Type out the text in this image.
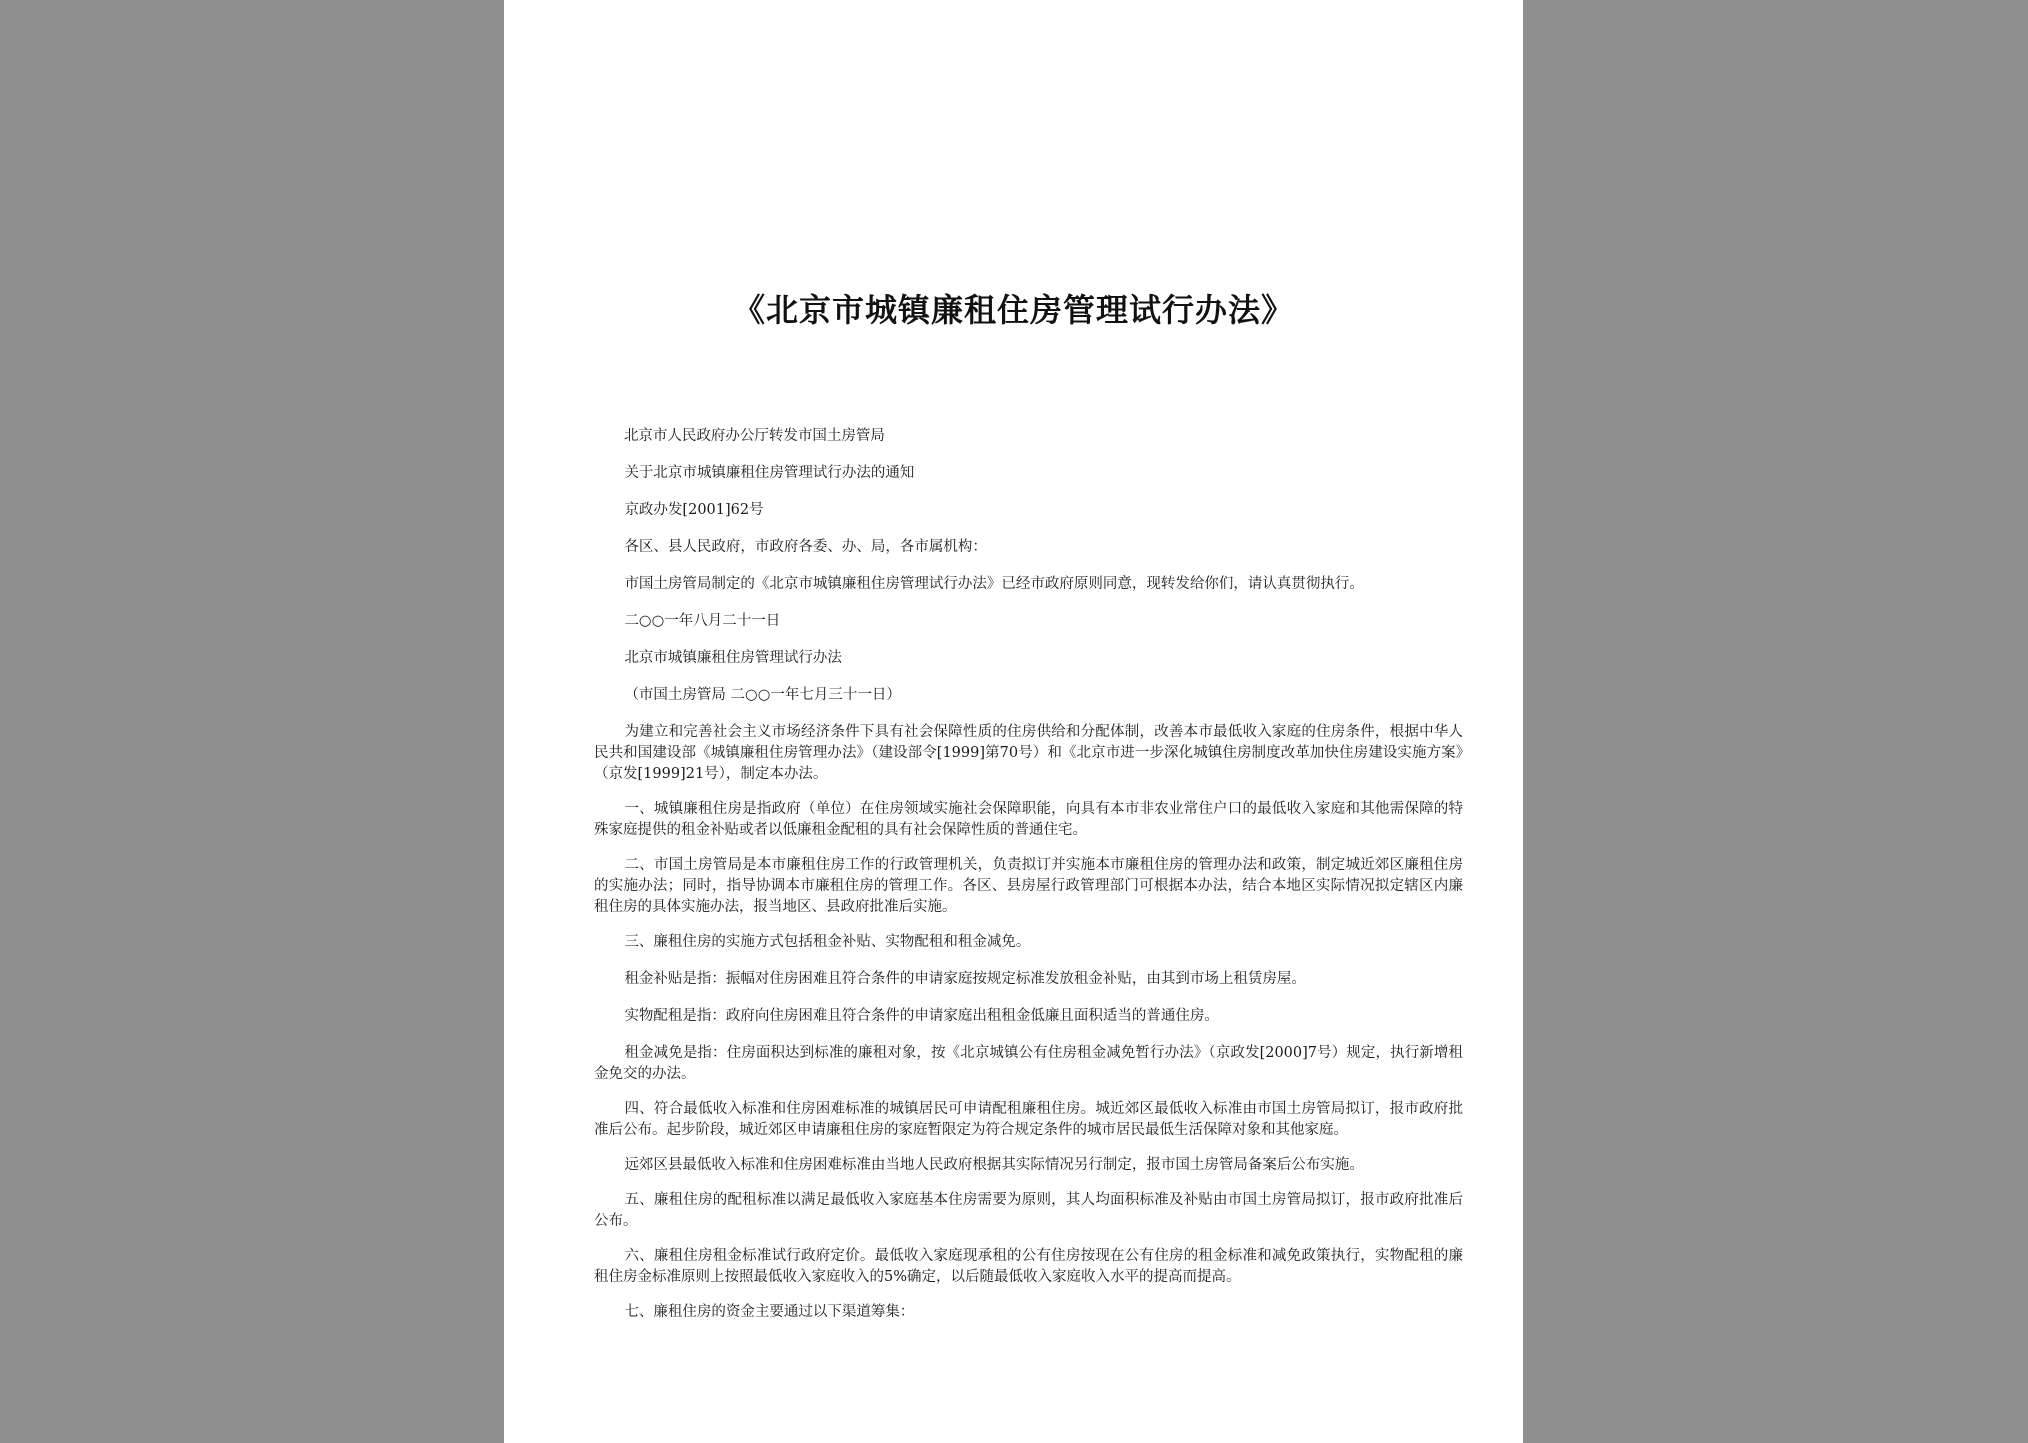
《北京市城镇廉租住房管理试行办法》

北京市人民政府办公厅转发市国土房管局

关于北京市城镇廉租住房管理试行办法的通知

京政办发[2001]62号

各区、县人民政府，市政府各委、办、局，各市属机构：

市国土房管局制定的《北京市城镇廉租住房管理试行办法》已经市政府原则同意，现转发给你们，请认真贯彻执行。

二○○一年八月二十一日

北京市城镇廉租住房管理试行办法

（市国土房管局 二○○一年七月三十一日）

为建立和完善社会主义市场经济条件下具有社会保障性质的住房供给和分配体制，改善本市最低收入家庭的住房条件，根据中华人民共和国建设部《城镇廉租住房管理办法》（建设部令[1999]第70号）和《北京市进一步深化城镇住房制度改革加快住房建设实施方案》（京发[1999]21号），制定本办法。

一、城镇廉租住房是指政府（单位）在住房领域实施社会保障职能，向具有本市非农业常住户口的最低收入家庭和其他需保障的特殊家庭提供的租金补贴或者以低廉租金配租的具有社会保障性质的普通住宅。

二、市国土房管局是本市廉租住房工作的行政管理机关，负责拟订并实施本市廉租住房的管理办法和政策，制定城近郊区廉租住房的实施办法；同时，指导协调本市廉租住房的管理工作。各区、县房屋行政管理部门可根据本办法，结合本地区实际情况拟定辖区内廉租住房的具体实施办法，报当地区、县政府批准后实施。

三、廉租住房的实施方式包括租金补贴、实物配租和租金减免。

租金补贴是指：振幅对住房困难且符合条件的申请家庭按规定标准发放租金补贴，由其到市场上租赁房屋。

实物配租是指：政府向住房困难且符合条件的申请家庭出租租金低廉且面积适当的普通住房。

租金减免是指：住房面积达到标准的廉租对象，按《北京城镇公有住房租金减免暂行办法》（京政发[2000]7号）规定，执行新增租金免交的办法。

四、符合最低收入标准和住房困难标准的城镇居民可申请配租廉租住房。城近郊区最低收入标准由市国土房管局拟订，报市政府批准后公布。起步阶段，城近郊区申请廉租住房的家庭暂限定为符合规定条件的城市居民最低生活保障对象和其他家庭。

远郊区县最低收入标准和住房困难标准由当地人民政府根据其实际情况另行制定，报市国土房管局备案后公布实施。

五、廉租住房的配租标准以满足最低收入家庭基本住房需要为原则，其人均面积标准及补贴由市国土房管局拟订，报市政府批准后公布。

六、廉租住房租金标准试行政府定价。最低收入家庭现承租的公有住房按现在公有住房的租金标准和减免政策执行，实物配租的廉租住房金标准原则上按照最低收入家庭收入的5%确定，以后随最低收入家庭收入水平的提高而提高。

七、廉租住房的资金主要通过以下渠道筹集：
